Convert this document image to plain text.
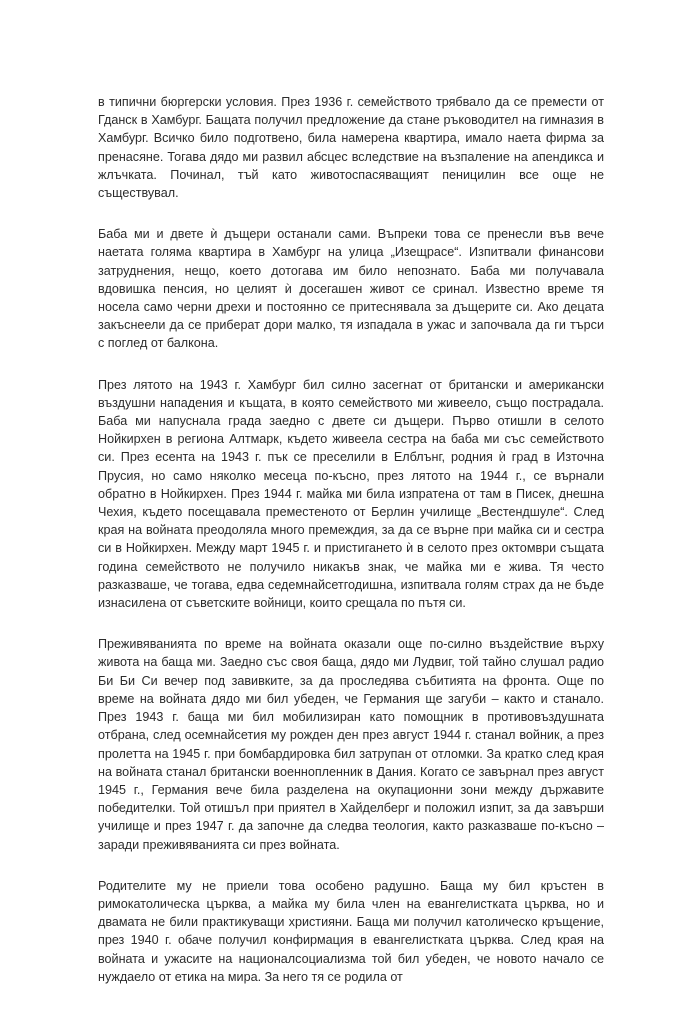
в типични бюргерски условия. През 1936 г. семейството трябвало да се премести от Гданск в Хамбург. Бащата получил предложение да стане ръководител на гимназия в Хамбург. Всичко било подготвено, била намерена квартира, имало наета фирма за пренасяне. Тогава дядо ми развил абсцес вследствие на възпаление на апендикса и жлъчката. Починал, тъй като животоспасяващият пеницилин все още не съществувал.

Баба ми и двете ѝ дъщери останали сами. Въпреки това се пренесли във вече наетата голяма квартира в Хамбург на улица „Изещрасе“. Изпитвали финансови затруднения, нещо, което дотогава им било непознато. Баба ми получавала вдовишка пенсия, но целият ѝ досегашен живот се сринал. Известно време тя носела само черни дрехи и постоянно се притеснявала за дъщерите си. Ако децата закъснеели да се приберат дори малко, тя изпадала в ужас и започвала да ги търси с поглед от балкона.

През лятото на 1943 г. Хамбург бил силно засегнат от британски и американски въздушни нападения и къщата, в която семейството ми живеело, също пострадала. Баба ми напуснала града заедно с двете си дъщери. Първо отишли в селото Нойкирхен в региона Алтмарк, където живеела сестра на баба ми със семейството си. През есента на 1943 г. пък се преселили в Елблънг, родния ѝ град в Източна Прусия, но само няколко месеца по-късно, през лятото на 1944 г., се върнали обратно в Нойкирхен. През 1944 г. майка ми била изпратена от там в Писек, днешна Чехия, където посещавала преместеното от Берлин училище „Вестендшуле“. След края на войната преодоляла много премеждия, за да се върне при майка си и сестра си в Нойкирхен. Между март 1945 г. и пристигането ѝ в селото през октомври същата година семейството не получило никакъв знак, че майка ми е жива. Тя често разказваше, че тогава, едва седемнайсетгодишна, изпитвала голям страх да не бъде изнасилена от съветските войници, които срещала по пътя си.

Преживяванията по време на войната оказали още по-силно въздействие върху живота на баща ми. Заедно със своя баща, дядо ми Лудвиг, той тайно слушал радио Би Би Си вечер под завивките, за да проследява събитията на фронта. Още по време на войната дядо ми бил убеден, че Германия ще загуби – както и станало. През 1943 г. баща ми бил мобилизиран като помощник в противовъздушната отбрана, след осемнайсетия му рожден ден през август 1944 г. станал войник, а през пролетта на 1945 г. при бомбардировка бил затрупан от отломки. За кратко след края на войната станал британски военнопленник в Дания. Когато се завърнал през август 1945 г., Германия вече била разделена на окупационни зони между държавите победителки. Той отишъл при приятел в Хайделберг и положил изпит, за да завърши училище и през 1947 г. да започне да следва теология, както разказваше по-късно – заради преживяванията си през войната.

Родителите му не приели това особено радушно. Баща му бил кръстен в римокатолическа църква, а майка му била член на евангелистката църква, но и двамата не били практикуващи християни. Баща ми получил католическо кръщение, през 1940 г. обаче получил конфирмация в евангелистката църква. След края на войната и ужасите на националсоциализма той бил убеден, че новото начало се нуждаело от етика на мира. За него тя се родила от
